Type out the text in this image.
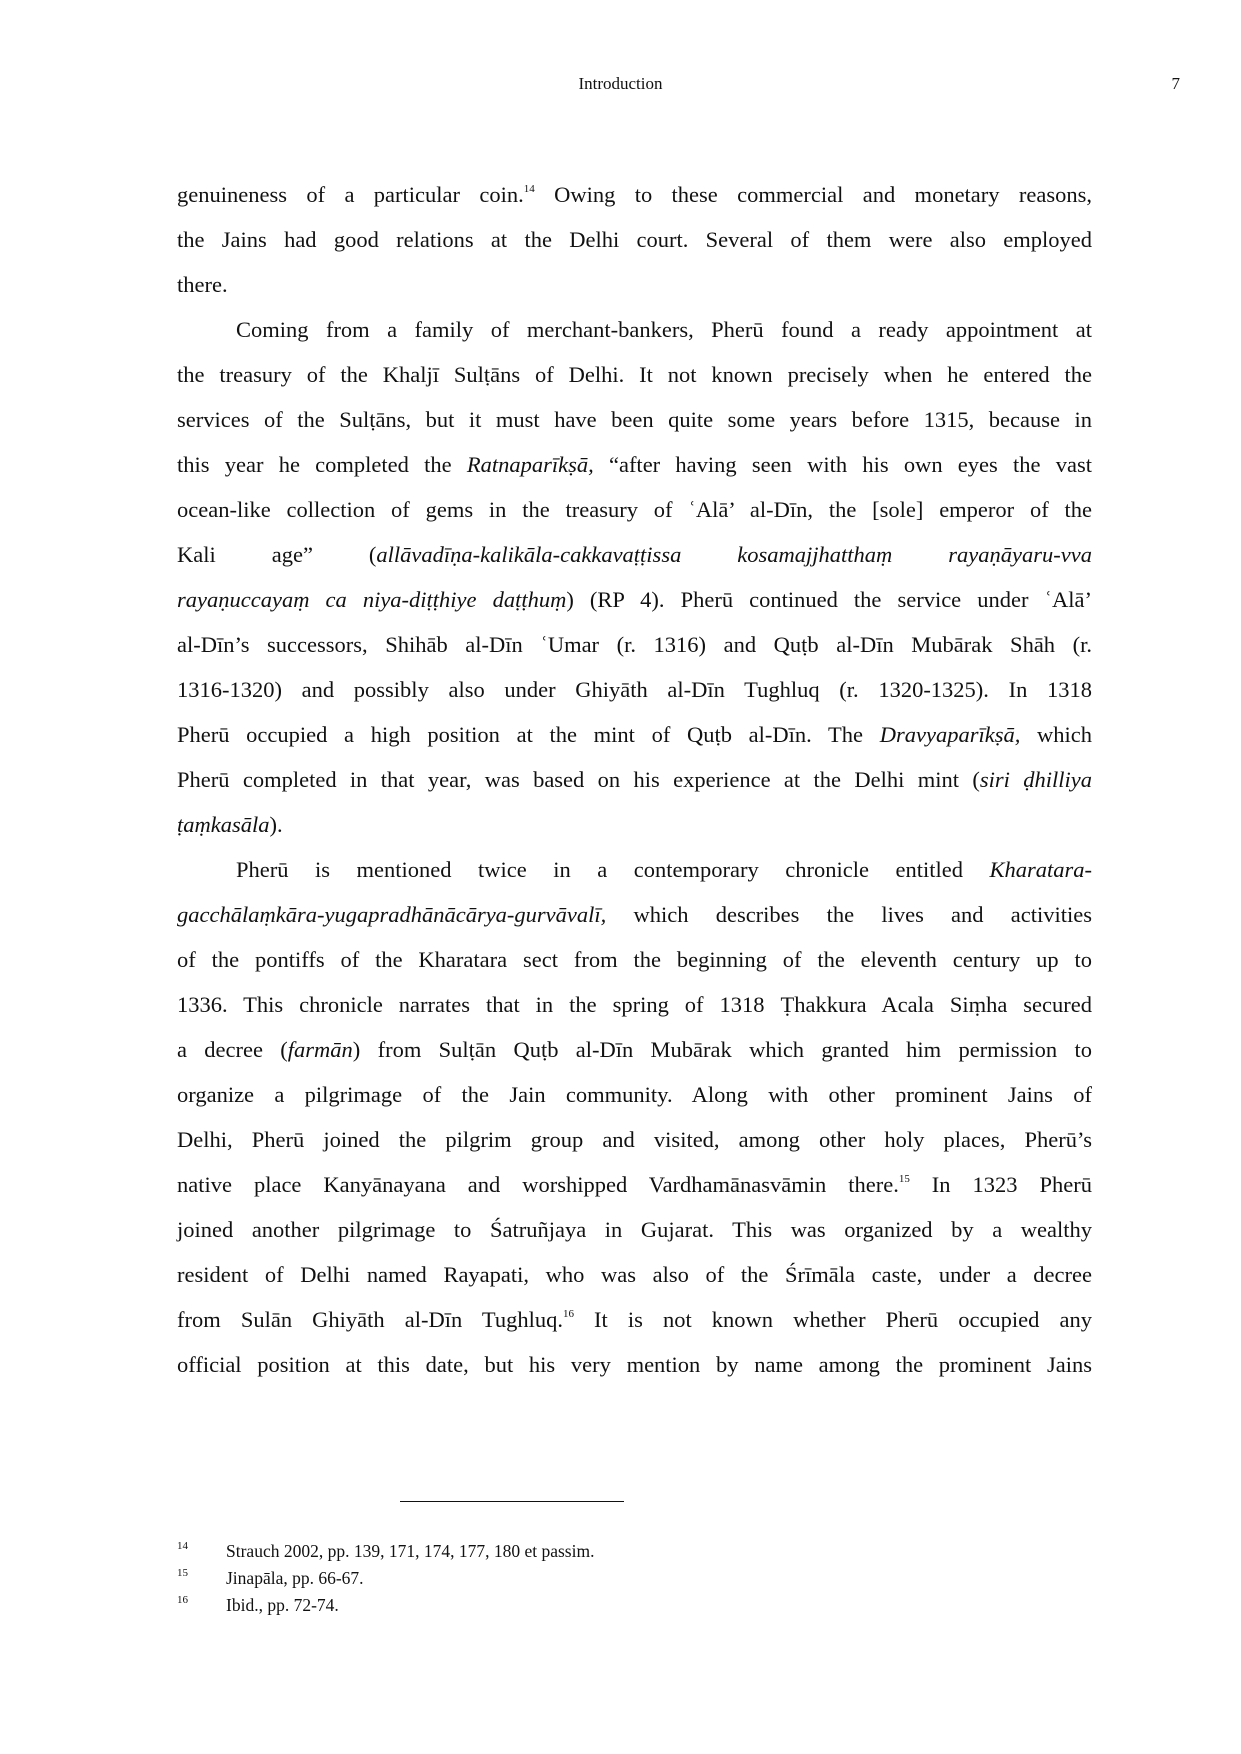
Introduction	7
genuineness of a particular coin.$^{14}$ Owing to these commercial and monetary reasons,
the Jains had good relations at the Delhi court. Several of them were also employed
there.
Coming from a family of merchant-bankers, Pherū found a ready appointment at
the treasury of the Khaljī Sulṭāns of Delhi. It not known precisely when he entered the
services of the Sulṭāns, but it must have been quite some years before 1315, because in
this year he completed the Ratnaparīkṣā, “after having seen with his own eyes the vast
ocean-like collection of gems in the treasury of ʿAlā’ al-Dīn, the [sole] emperor of the
Kali age” (allāvadīṇa-kalikāla-cakkavaṭṭissa kosamajjhatthaṃ rayaṇāyaru-vva
rayaṇuccayaṃ ca niya-diṭṭhiye daṭṭhuṃ) (RP 4). Pherū continued the service under ʿAlā’
al-Dīn’s successors, Shihāb al-Dīn ʿUmar (r. 1316) and Quṭb al-Dīn Mubārak Shāh (r.
1316-1320) and possibly also under Ghiyāth al-Dīn Tughluq (r. 1320-1325). In 1318
Pherū occupied a high position at the mint of Quṭb al-Dīn. The Dravyaparīkṣā, which
Pherū completed in that year, was based on his experience at the Delhi mint (siri ḍhilliya
ṭaṃkasāla).
Pherū is mentioned twice in a contemporary chronicle entitled Kharatara-
gacchālaṃkāra-yugapradhānācārya-gurvāvalī, which describes the lives and activities
of the pontiffs of the Kharatara sect from the beginning of the eleventh century up to
1336. This chronicle narrates that in the spring of 1318 Ṭhakkura Acala Siṃha secured
a decree (farmān) from Sulṭān Quṭb al-Dīn Mubārak which granted him permission to
organize a pilgrimage of the Jain community. Along with other prominent Jains of
Delhi, Pherū joined the pilgrim group and visited, among other holy places, Pherū’s
native place Kanyānayana and worshipped Vardhamānasvāmin there.$^{15}$ In 1323 Pherū
joined another pilgrimage to Śatruñjaya in Gujarat. This was organized by a wealthy
resident of Delhi named Rayapati, who was also of the Śrīmāla caste, under a decree
from Sulān Ghiyāth al-Dīn Tughluq.$^{16}$ It is not known whether Pherū occupied any
official position at this date, but his very mention by name among the prominent Jains
14 Strauch 2002, pp. 139, 171, 174, 177, 180 et passim.
15 Jinapāla, pp. 66-67.
16 Ibid., pp. 72-74.
